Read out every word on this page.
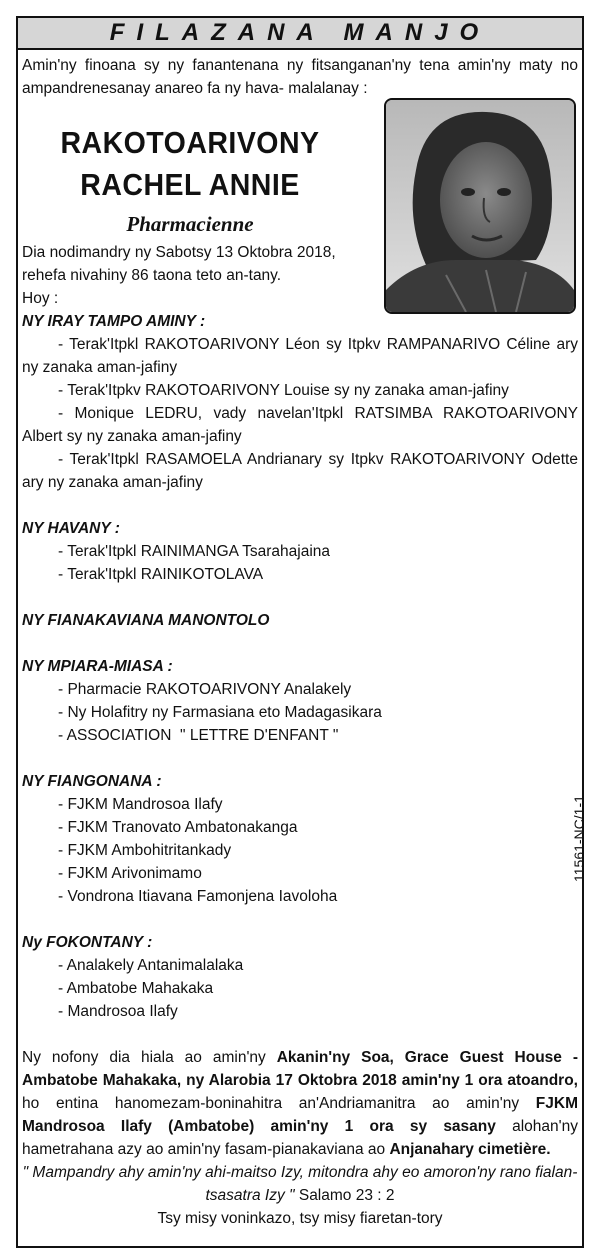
FILAZANA MANJO

Amin'ny finoana sy ny fanantenana ny fitsanganan'ny tena amin'ny maty no ampandrenesanay anareo fa ny hava- malalanay :

RAKOTOARIVONY
RACHEL ANNIE
Pharmacienne
Dia nodimandry ny Sabotsy 13 Oktobra 2018,
rehefa nivahiny 86 taona teto an-tany.
Hoy :
NY IRAY TAMPO AMINY :
- Terak'Itpkl RAKOTOARIVONY Léon sy Itpkv RAMPANARIVO Céline ary ny zanaka aman-jafiny
- Terak'Itpkv RAKOTOARIVONY Louise sy ny zanaka aman-jafiny
- Monique LEDRU, vady navelan'Itpkl RATSIMBA RAKOTOARIVONY Albert sy ny zanaka aman-jafiny
- Terak'Itpkl RASAMOELA Andrianary sy Itpkv RAKOTOARIVONY Odette ary ny zanaka aman-jafiny
NY HAVANY :
- Terak'Itpkl RAINIMANGA Tsarahajaina
- Terak'Itpkl RAINIKOTOLAVA
NY FIANAKAVIANA MANONTOLO
NY MPIARA-MIASA :
- Pharmacie RAKOTOARIVONY Analakely
- Ny Holafitry ny Farmasiana eto Madagasikara
- ASSOCIATION  " LETTRE D'ENFANT "
NY FIANGONANA :
- FJKM Mandrosoa Ilafy
- FJKM Tranovato Ambatonakanga
- FJKM Ambohitritankady
- FJKM Arivonimamo
- Vondrona Itiavana Famonjena Iavoloha
Ny FOKONTANY :
- Analakely Antanimalalaka
- Ambatobe Mahakaka
- Mandrosoa Ilafy
Ny nofony dia hiala ao amin'ny Akanin'ny Soa, Grace Guest House - Ambatobe Mahakaka, ny Alarobia 17 Oktobra 2018 amin'ny 1 ora atoandro, ho entina hanomezam-boninahitra an'Andriamanitra ao amin'ny FJKM Mandrosoa Ilafy (Ambatobe) amin'ny 1 ora sy sasany alohan'ny hametrahana azy ao amin'ny fasam-pianakaviana ao Anjanahary cimetière.
" Mampandry ahy amin'ny ahi-maitso Izy, mitondra ahy eo amoron'ny rano fialan-tsasatra Izy " Salamo 23 : 2
Tsy misy voninkazo, tsy misy fiaretan-tory
11561-NC/1-1
